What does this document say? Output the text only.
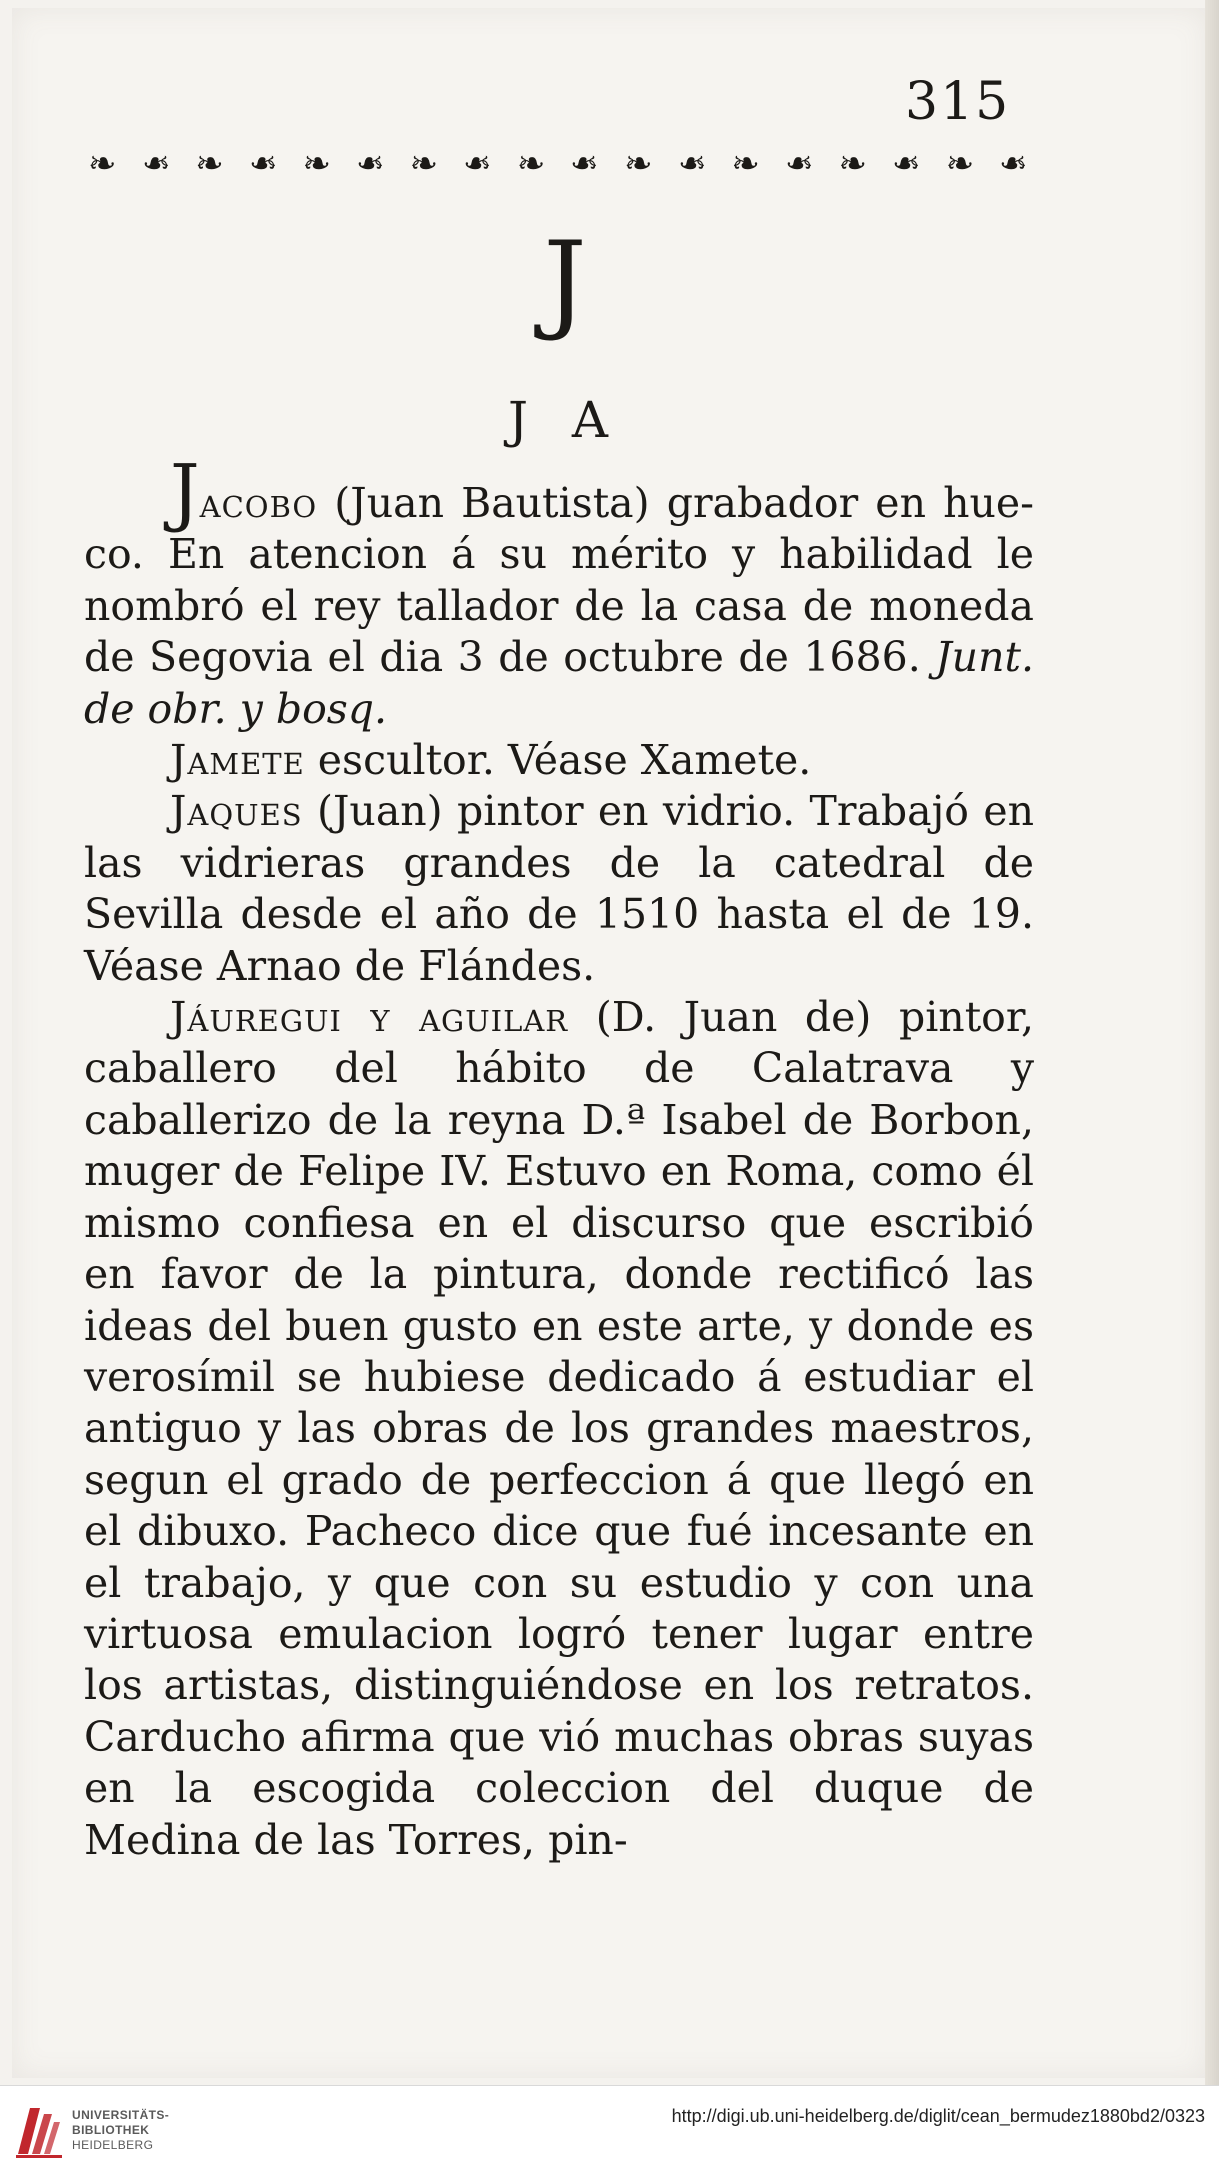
315
❧ ❧ ❧ ❧ ❧ ❧ ❧ ❧ ❧ ❧ ❧ ❧ ❧ ❧ ❧ ❧ ❧ ❧
J
J A

Jacobo (Juan Bautista) grabador en hue-co. En atencion á su mérito y habilidad le nombró el rey tallador de la casa de moneda de Segovia el dia 3 de octubre de 1686. Junt. de obr. y bosq.

Jamete escultor. Véase Xamete.

Jaques (Juan) pintor en vidrio. Trabajó en las vidrieras grandes de la catedral de Sevilla desde el año de 1510 hasta el de 19. Véase Arnao de Flándes.

Jáuregui y aguilar (D. Juan de) pintor, caballero del hábito de Calatrava y caballerizo de la reyna D.ª Isabel de Borbon, muger de Felipe IV. Estuvo en Roma, como él mismo confiesa en el discurso que escribió en favor de la pintura, donde rectificó las ideas del buen gusto en este arte, y donde es verosímil se hubiese dedicado á estudiar el antiguo y las obras de los grandes maestros, segun el grado de perfeccion á que llegó en el dibuxo. Pacheco dice que fué incesante en el trabajo, y que con su estudio y con una virtuosa emulacion logró tener lugar entre los artistas, distinguiéndose en los retratos. Carducho afirma que vió muchas obras suyas en la escogida coleccion del duque de Medina de las Torres, pin-

UNIVERSITÄTS-
BIBLIOTHEK
HEIDELBERG
http://digi.ub.uni-heidelberg.de/diglit/cean_bermudez1880bd2/0323
